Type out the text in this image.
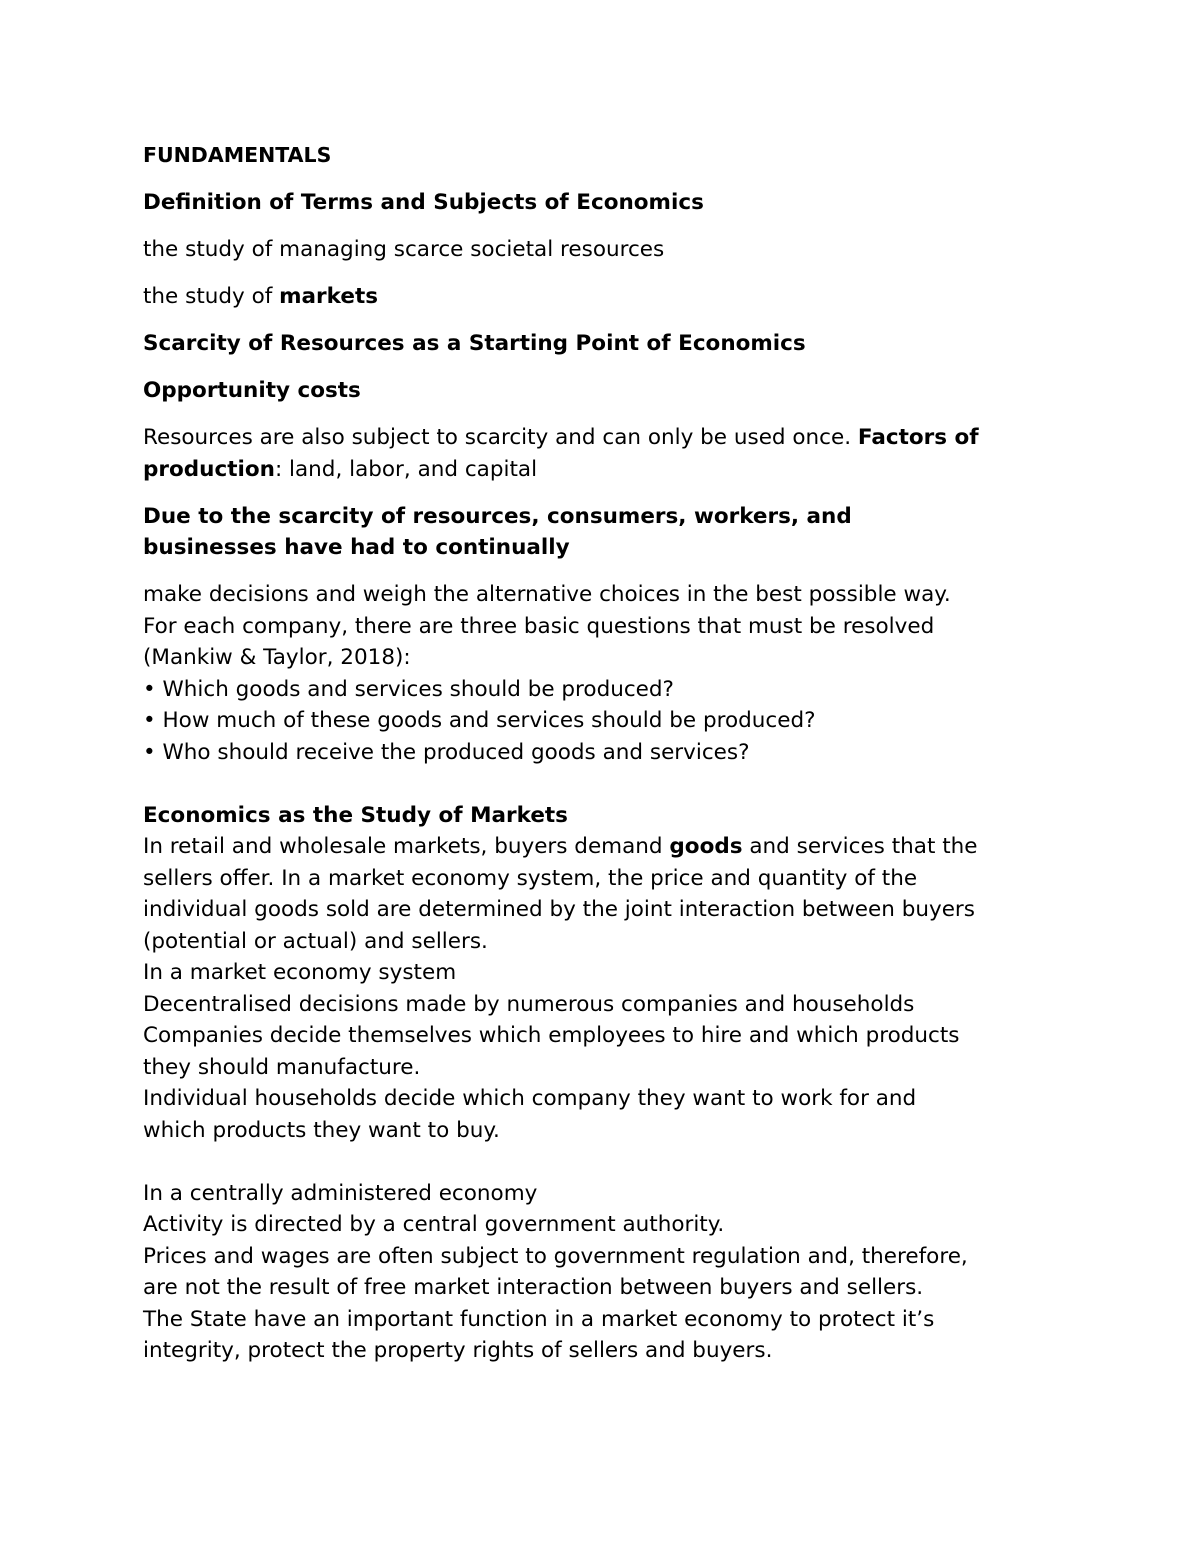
FUNDAMENTALS
Definition of Terms and Subjects of Economics
the study of managing scarce societal resources
the study of markets
Scarcity of Resources as a Starting Point of Economics
Opportunity costs
Resources are also subject to scarcity and can only be used once. Factors of
production: land, labor, and capital
Due to the scarcity of resources, consumers, workers, and
businesses have had to continually
make decisions and weigh the alternative choices in the best possible way.
For each company, there are three basic questions that must be resolved
(Mankiw & Taylor, 2018):
• Which goods and services should be produced?
• How much of these goods and services should be produced?
• Who should receive the produced goods and services?
Economics as the Study of Markets
In retail and wholesale markets, buyers demand goods and services that the
sellers offer. In a market economy system, the price and quantity of the
individual goods sold are determined by the joint interaction between buyers
(potential or actual) and sellers.
In a market economy system
Decentralised decisions made by numerous companies and households
Companies decide themselves which employees to hire and which products
they should manufacture.
Individual households decide which company they want to work for and
which products they want to buy.
In a centrally administered economy
Activity is directed by a central government authority.
Prices and wages are often subject to government regulation and, therefore,
are not the result of free market interaction between buyers and sellers.
The State have an important function in a market economy to protect it’s
integrity, protect the property rights of sellers and buyers.
